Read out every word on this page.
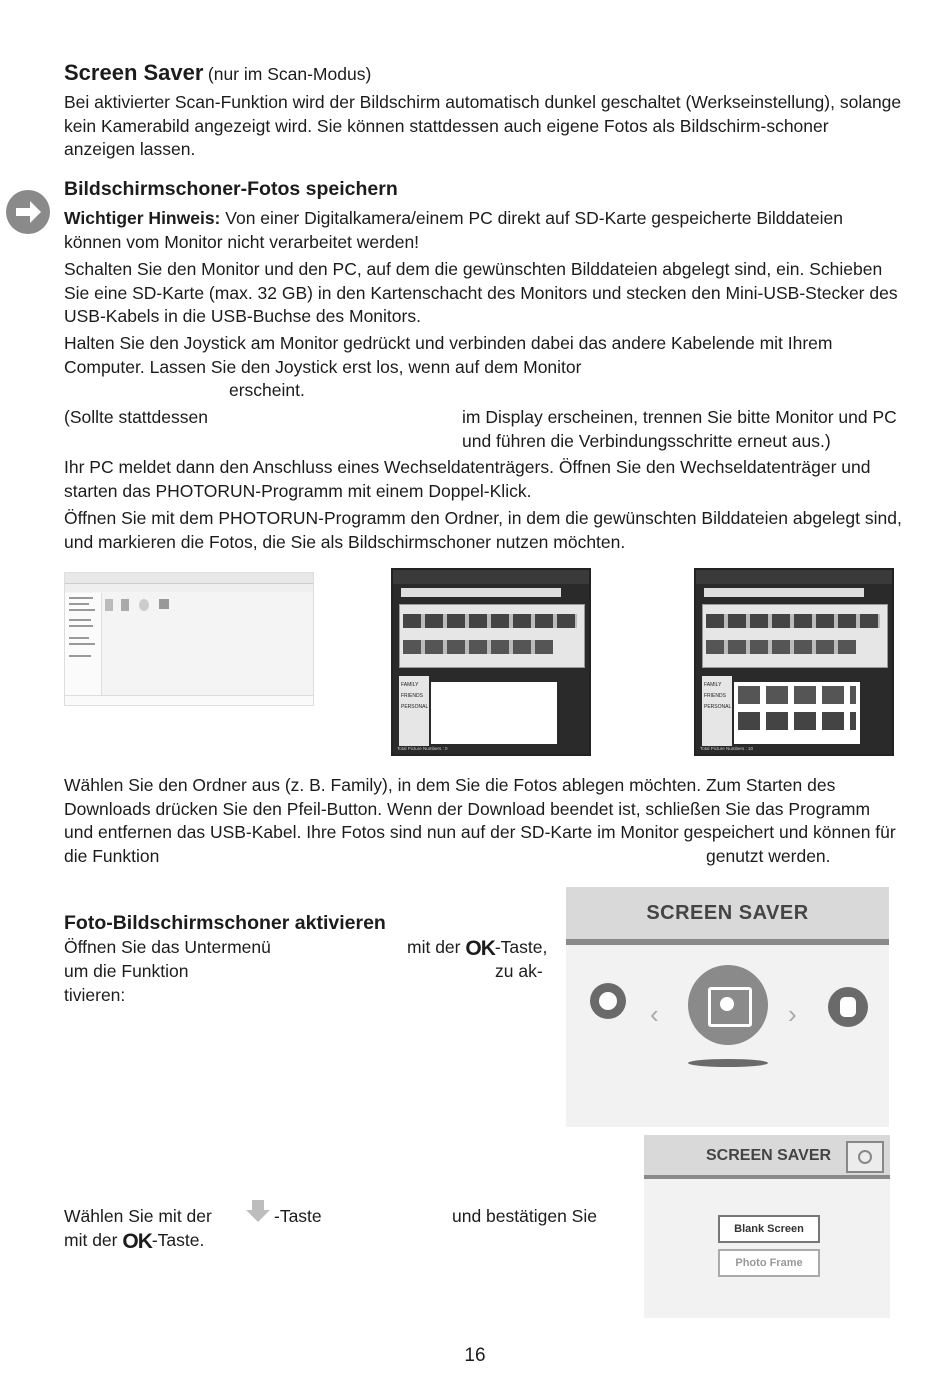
Screen Saver (nur im Scan-Modus)

Bei aktivierter Scan-Funktion wird der Bildschirm automatisch dunkel geschaltet (Werkseinstellung), solange kein Kamerabild angezeigt wird. Sie können stattdessen auch eigene Fotos als Bildschirm-schoner anzeigen lassen.

Bildschirmschoner-Fotos speichern

Wichtiger Hinweis: Von einer Digitalkamera/einem PC direkt auf SD-Karte gespeicherte Bilddateien können vom Monitor nicht verarbeitet werden!

Schalten Sie den Monitor und den PC, auf dem die gewünschten Bilddateien abgelegt sind, ein. Schieben Sie eine SD-Karte (max. 32 GB) in den Kartenschacht des Monitors und stecken den Mini-USB-Stecker des USB-Kabels in die USB-Buchse des Monitors.

Halten Sie den Joystick am Monitor gedrückt und verbinden dabei das andere Kabelende mit Ihrem Computer. Lassen Sie den Joystick erst los, wenn auf dem Monitor

erscheint.
(Sollte stattdessen	im Display erscheinen, trennen Sie bitte Monitor und PC und führen die Verbindungsschritte erneut aus.)

Ihr PC meldet dann den Anschluss eines Wechseldatenträgers. Öffnen Sie den Wechseldatenträger und starten das PHOTORUN-Programm mit einem Doppel-Klick.

Öffnen Sie mit dem PHOTORUN-Programm den Ordner, in dem die gewünschten Bilddateien abgelegt sind, und markieren die Fotos, die Sie als Bildschirmschoner nutzen möchten.

FAMILY
FRIENDS
PERSONAL
Total Picture Numbers : 0
FAMILY
FRIENDS
PERSONAL
Total Picture Numbers : 10

Wählen Sie den Ordner aus (z. B. Family), in dem Sie die Fotos ablegen möchten. Zum Starten des Downloads drücken Sie den Pfeil-Button. Wenn der Download beendet ist, schließen Sie das Programm und entfernen das USB-Kabel. Ihre Fotos sind nun auf der SD-Karte im Monitor gespeichert und können für die Funktion	genutzt werden.
Foto-Bildschirmschoner aktivieren
Öffnen Sie das Untermenü	mit der OK-Taste,
um die Funktion	zu ak-
tivieren:
SCREEN SAVER
‹	›
SCREEN SAVER
Blank Screen
Photo Frame
Wählen Sie mit der	-Taste	und bestätigen Sie
mit der OK-Taste.
16
